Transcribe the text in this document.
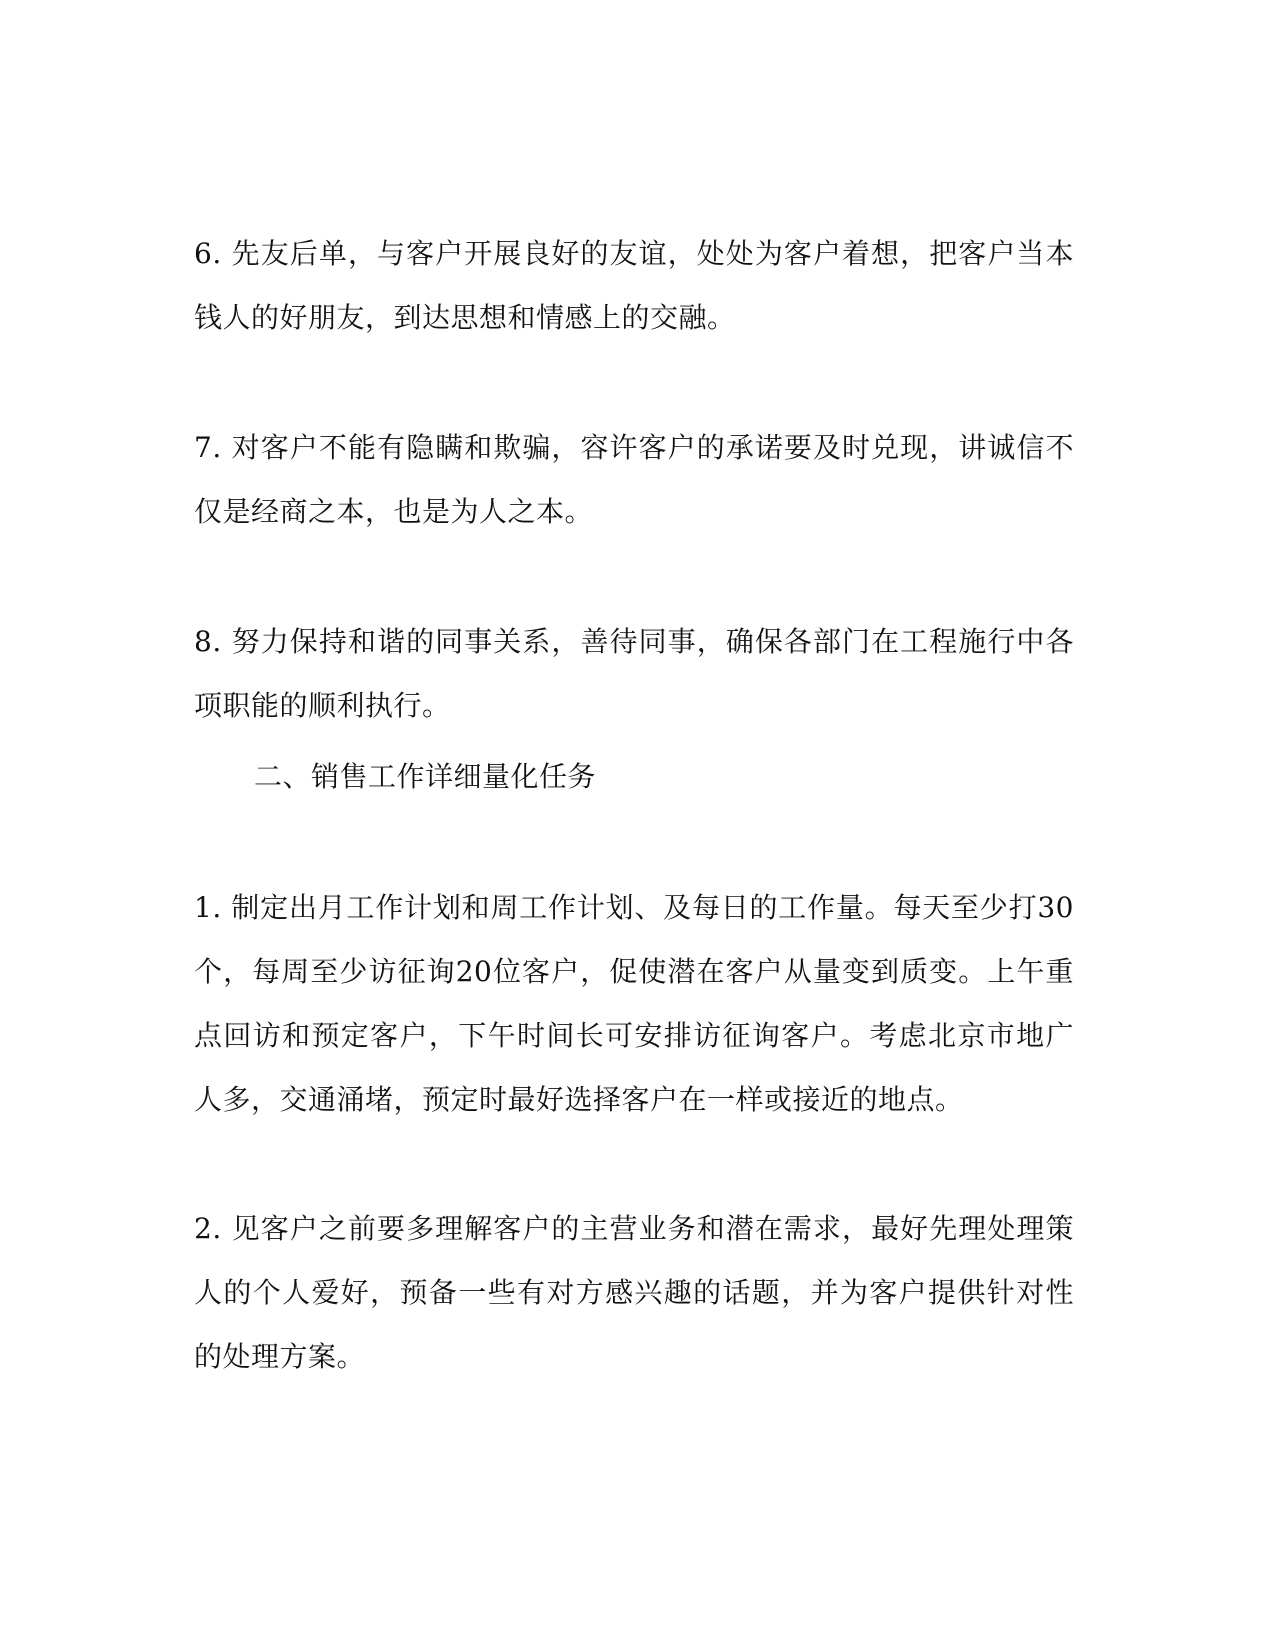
6. 先友后单，与客户开展良好的友谊，处处为客户着想，把客户当本钱人的好朋友，到达思想和情感上的交融。

7. 对客户不能有隐瞒和欺骗，容许客户的承诺要及时兑现，讲诚信不仅是经商之本，也是为人之本。

8. 努力保持和谐的同事关系，善待同事，确保各部门在工程施行中各项职能的顺利执行。

二、销售工作详细量化任务

1. 制定出月工作计划和周工作计划、及每日的工作量。每天至少打30个，每周至少访征询20位客户，促使潜在客户从量变到质变。上午重点回访和预定客户，下午时间长可安排访征询客户。考虑北京市地广人多，交通涌堵，预定时最好选择客户在一样或接近的地点。

2. 见客户之前要多理解客户的主营业务和潜在需求，最好先理处理策人的个人爱好，预备一些有对方感兴趣的话题，并为客户提供针对性的处理方案。
